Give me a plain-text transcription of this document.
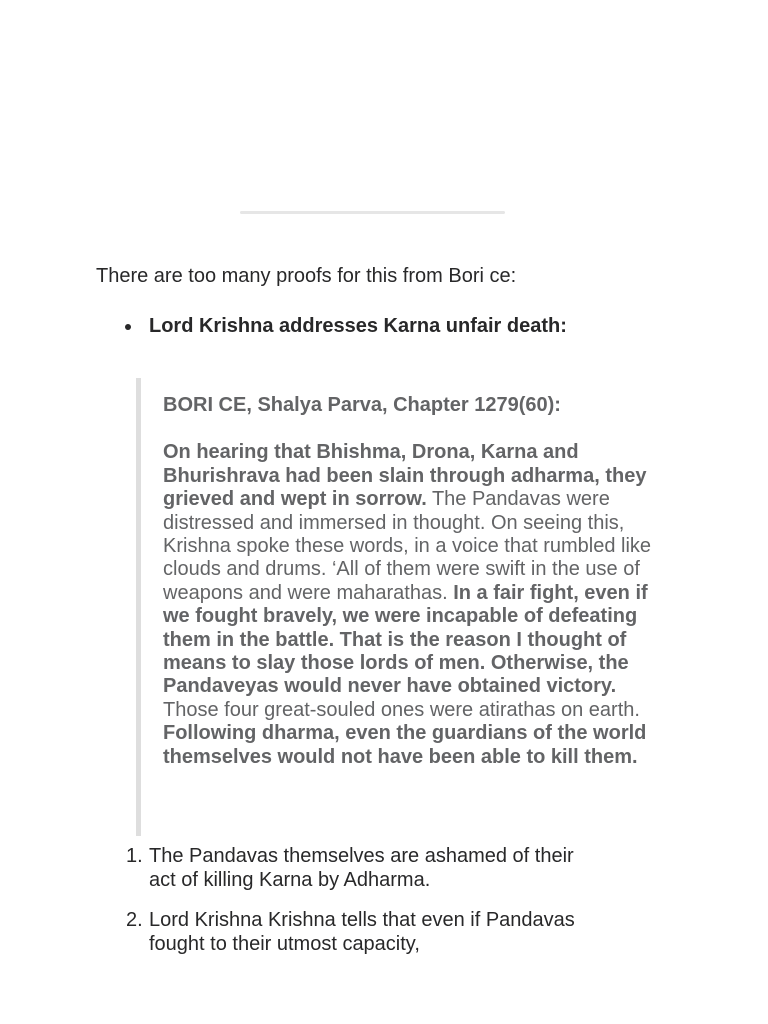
There are too many proofs for this from Bori ce:

Lord Krishna addresses Karna unfair death:

BORI CE, Shalya Parva, Chapter 1279(60):

On hearing that Bhishma, Drona, Karna and Bhurishrava had been slain through adharma, they grieved and wept in sorrow. The Pandavas were distressed and immersed in thought. On seeing this, Krishna spoke these words, in a voice that rumbled like clouds and drums. ‘All of them were swift in the use of weapons and were maharathas. In a fair fight, even if we fought bravely, we were incapable of defeating them in the battle. That is the reason I thought of means to slay those lords of men. Otherwise, the Pandaveyas would never have obtained victory. Those four great-souled ones were atirathas on earth. Following dharma, even the guardians of the world themselves would not have been able to kill them.

1. The Pandavas themselves are ashamed of their act of killing Karna by Adharma.
2. Lord Krishna Krishna tells that even if Pandavas fought to their utmost capacity,
